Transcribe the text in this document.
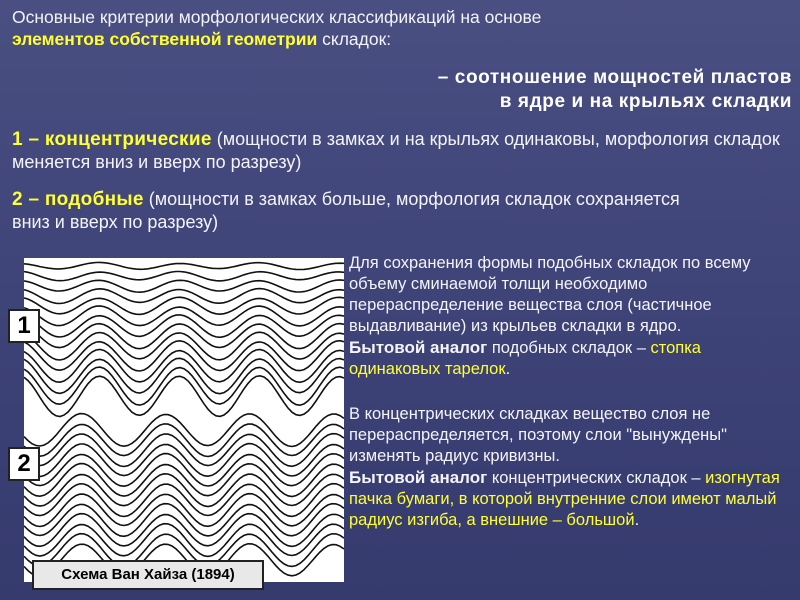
Основные критерии морфологических классификаций на основе
элементов собственной геометрии складок:
– соотношение мощностей пластов
в ядре и на крыльях складки
1 – концентрические (мощности в замках и на крыльях одинаковы, морфология складок меняется вниз и вверх по разрезу)
2 – подобные (мощности в замках больше, морфология складок сохраняется вниз и вверх по разрезу)
1
2
Схема Ван Хайза (1894)
Для сохранения формы подобных складок по всему объему сминаемой толщи необходимо перераспределение вещества слоя (частичное выдавливание) из крыльев складки в ядро.
Бытовой аналог подобных складок – стопка одинаковых тарелок.
В концентрических складках вещество слоя не перераспределяется, поэтому слои "вынуждены" изменять радиус кривизны.
Бытовой аналог концентрических складок – изогнутая пачка бумаги, в которой внутренние слои имеют малый радиус изгиба, а внешние – большой.
